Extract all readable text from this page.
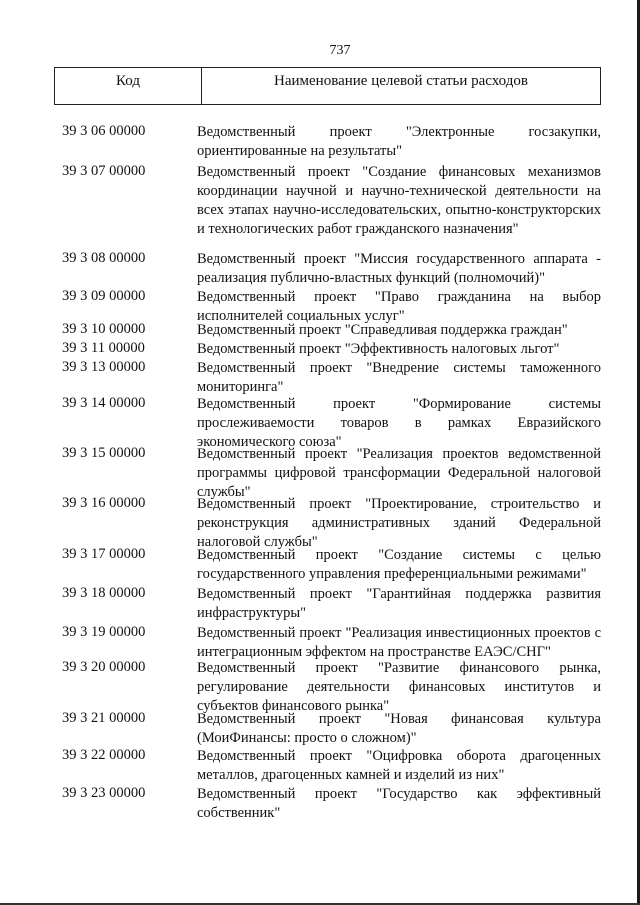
737
Код	Наименование целевой статьи расходов
39 3 06 00000	Ведомственный проект "Электронные госзакупки, ориентированные на результаты"
39 3 07 00000	Ведомственный проект "Создание финансовых механизмов координации научной и научно-технической деятельности на всех этапах научно-исследовательских, опытно-конструкторских и технологических работ гражданского назначения"
39 3 08 00000	Ведомственный проект "Миссия государственного аппарата - реализация публично-властных функций (полномочий)"
39 3 09 00000	Ведомственный проект "Право гражданина на выбор исполнителей социальных услуг"
39 3 10 00000	Ведомственный проект "Справедливая поддержка граждан"
39 3 11 00000	Ведомственный проект "Эффективность налоговых льгот"
39 3 13 00000	Ведомственный проект "Внедрение системы таможенного мониторинга"
39 3 14 00000	Ведомственный проект "Формирование системы прослеживаемости товаров в рамках Евразийского экономического союза"
39 3 15 00000	Ведомственный проект "Реализация проектов ведомственной программы цифровой трансформации Федеральной налоговой службы"
39 3 16 00000	Ведомственный проект "Проектирование, строительство и реконструкция административных зданий Федеральной налоговой службы"
39 3 17 00000	Ведомственный проект "Создание системы с целью государственного управления преференциальными режимами"
39 3 18 00000	Ведомственный проект "Гарантийная поддержка развития инфраструктуры"
39 3 19 00000	Ведомственный проект "Реализация инвестиционных проектов с интеграционным эффектом на пространстве ЕАЭС/СНГ"
39 3 20 00000	Ведомственный проект "Развитие финансового рынка, регулирование деятельности финансовых институтов и субъектов финансового рынка"
39 3 21 00000	Ведомственный проект "Новая финансовая культура (МоиФинансы: просто о сложном)"
39 3 22 00000	Ведомственный проект "Оцифровка оборота драгоценных металлов, драгоценных камней и изделий из них"
39 3 23 00000	Ведомственный проект "Государство как эффективный собственник"
